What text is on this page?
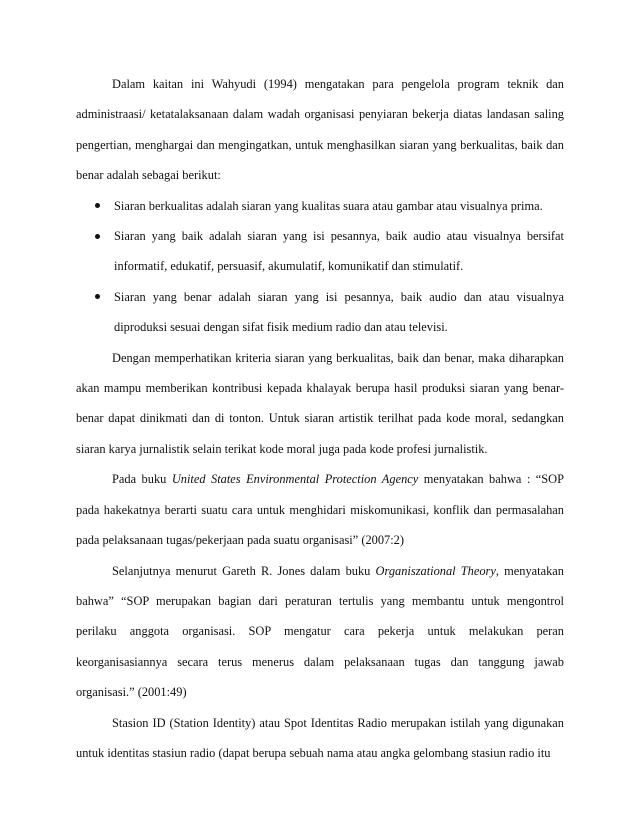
Dalam kaitan ini Wahyudi (1994) mengatakan para pengelola program teknik dan administraasi/ ketatalaksanaan dalam wadah organisasi penyiaran bekerja diatas landasan saling pengertian, menghargai dan mengingatkan, untuk menghasilkan siaran yang berkualitas, baik dan benar adalah sebagai berikut:

Siaran berkualitas adalah siaran yang kualitas suara atau gambar atau visualnya prima.
Siaran yang baik adalah siaran yang isi pesannya, baik audio atau visualnya bersifat informatif, edukatif, persuasif, akumulatif, komunikatif dan stimulatif.
Siaran yang benar adalah siaran yang isi pesannya, baik audio dan atau visualnya diproduksi sesuai dengan sifat fisik medium radio dan atau televisi.

Dengan memperhatikan kriteria siaran yang berkualitas, baik dan benar, maka diharapkan akan mampu memberikan kontribusi kepada khalayak berupa hasil produksi siaran yang benar-benar dapat dinikmati dan di tonton. Untuk siaran artistik terilhat pada kode moral, sedangkan siaran karya jurnalistik selain terikat kode moral juga pada kode profesi jurnalistik.

Pada buku United States Environmental Protection Agency menyatakan bahwa : “SOP pada hakekatnya berarti suatu cara untuk menghidari miskomunikasi, konflik dan permasalahan pada pelaksanaan tugas/pekerjaan pada suatu organisasi” (2007:2)

Selanjutnya menurut Gareth R. Jones dalam buku Organiszational Theory, menyatakan bahwa” “SOP merupakan bagian dari peraturan tertulis yang membantu untuk mengontrol perilaku anggota organisasi. SOP mengatur cara pekerja untuk melakukan peran keorganisasiannya secara terus menerus dalam pelaksanaan tugas dan tanggung jawab organisasi.” (2001:49)

Stasion ID (Station Identity) atau Spot Identitas Radio merupakan istilah yang digunakan untuk identitas stasiun radio (dapat berupa sebuah nama atau angka gelombang stasiun radio itu
